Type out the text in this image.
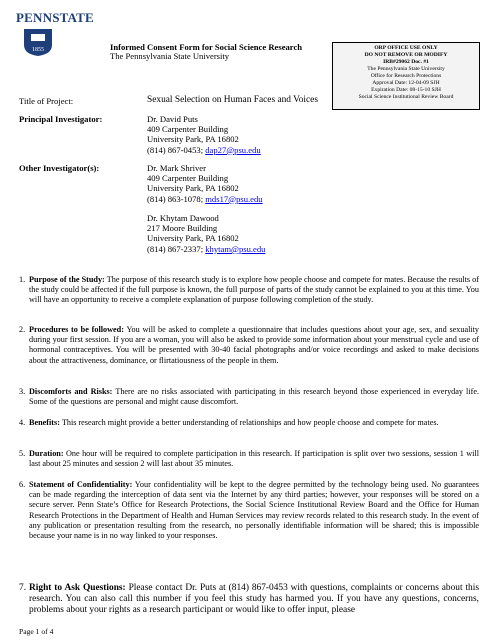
PENNSTATE
1855	Informed Consent Form for Social Science Research
The Pennsylvania State University
ORP OFFICE USE ONLY
DO NOT REMOVE OR MODIFY
IRB#29062 Doc. #1
The Pennsylvania State University
Office for Research Protections
Approval Date: 12-04-09 SJH
Expiration Date: 08-15-10 SJH
Social Science Institutional Review Board
Title of Project:	Sexual Selection on Human Faces and Voices
Principal Investigator:	Dr. David Puts
409 Carpenter Building
University Park, PA 16802
(814) 867-0453; dap27@psu.edu
Other Investigator(s):	Dr. Mark Shriver
409 Carpenter Building
University Park, PA 16802
(814) 863-1078; mds17@psu.edu
Dr. Khytam Dawood
217 Moore Building
University Park, PA 16802
(814) 867-2337; khytam@psu.edu
1. Purpose of the Study: The purpose of this research study is to explore how people choose and compete for mates. Because the results of the study could be affected if the full purpose is known, the full purpose of parts of the study cannot be explained to you at this time. You will have an opportunity to receive a complete explanation of purpose following completion of the study.
2. Procedures to be followed: You will be asked to complete a questionnaire that includes questions about your age, sex, and sexuality during your first session. If you are a woman, you will also be asked to provide some information about your menstrual cycle and use of hormonal contraceptives. You will be presented with 30-40 facial photographs and/or voice recordings and asked to make decisions about the attractiveness, dominance, or flirtatiousness of the people in them.
3. Discomforts and Risks: There are no risks associated with participating in this research beyond those experienced in everyday life. Some of the questions are personal and might cause discomfort.
4. Benefits: This research might provide a better understanding of relationships and how people choose and compete for mates.
5. Duration: One hour will be required to complete participation in this research. If participation is split over two sessions, session 1 will last about 25 minutes and session 2 will last about 35 minutes.
6. Statement of Confidentiality: Your confidentiality will be kept to the degree permitted by the technology being used. No guarantees can be made regarding the interception of data sent via the Internet by any third parties; however, your responses will be stored on a secure server. Penn State’s Office for Research Protections, the Social Science Institutional Review Board and the Office for Human Research Protections in the Department of Health and Human Services may review records related to this research study. In the event of any publication or presentation resulting from the research, no personally identifiable information will be shared; this is impossible because your name is in no way linked to your responses.
7. Right to Ask Questions: Please contact Dr. Puts at (814) 867-0453 with questions, complaints or concerns about this research. You can also call this number if you feel this study has harmed you. If you have any questions, concerns, problems about your rights as a research participant or would like to offer input, please
Page 1 of 4
